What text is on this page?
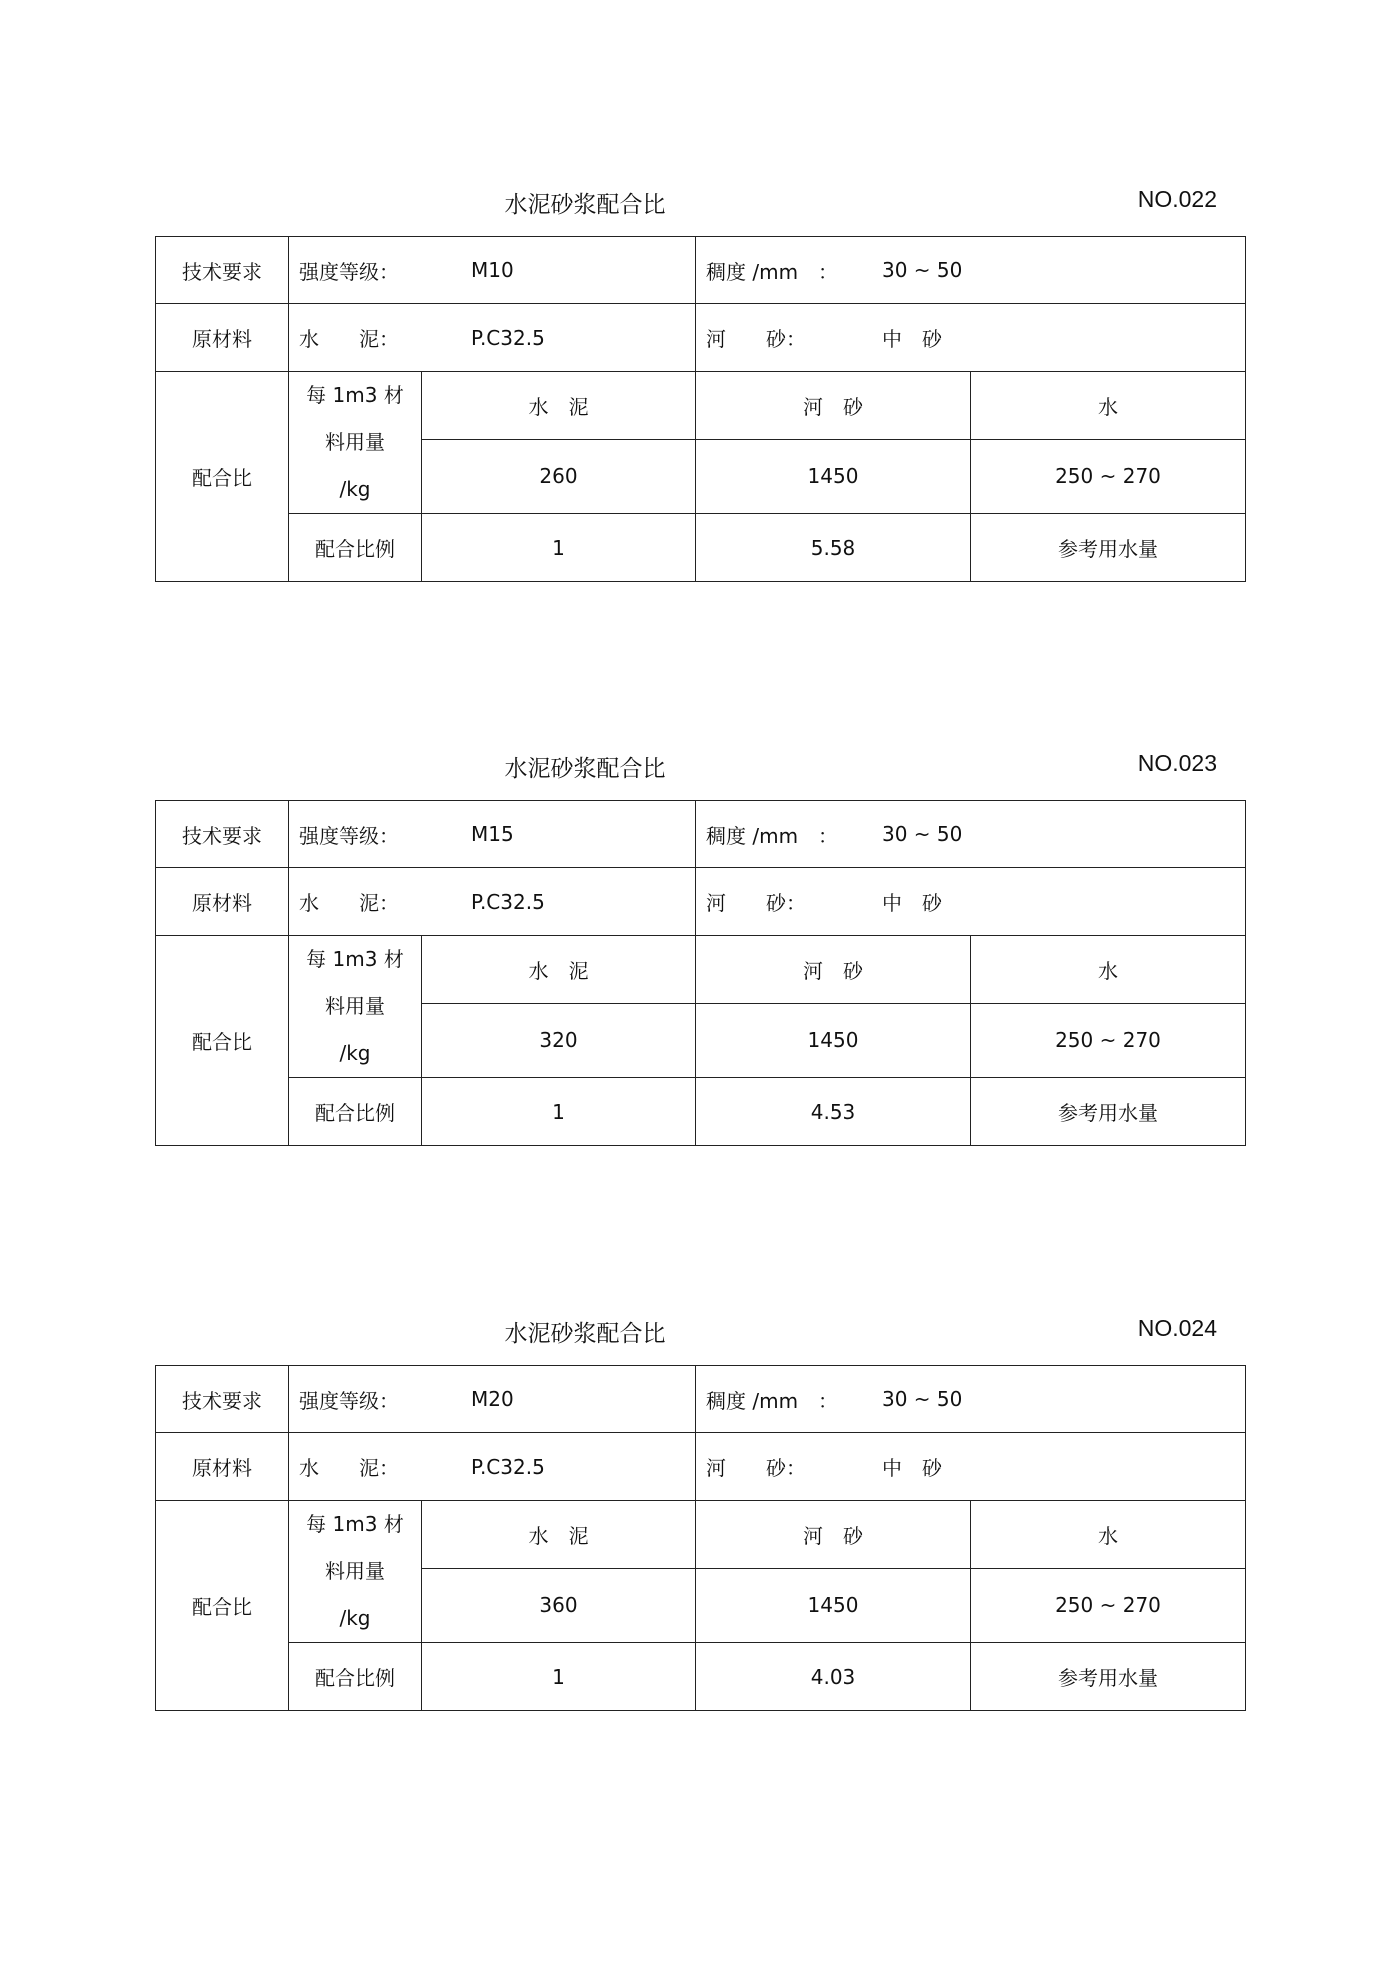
水泥砂浆配合比	NO.022
技术要求	强度等级： M10		稠度 /mm　： 30 ~ 50	

原材料	水　　泥： P.C32.5		河　　砂： 中　砂	

配合比	每 1m3 材
料用量
/kg	水　泥	河　砂	水
		260	1450	250 ~ 270
	配合比例	1	5.58	参考用水量
水泥砂浆配合比	NO.023
技术要求	强度等级： M15		稠度 /mm　： 30 ~ 50	

原材料	水　　泥： P.C32.5		河　　砂： 中　砂	

配合比	每 1m3 材
料用量
/kg	水　泥	河　砂	水
		320	1450	250 ~ 270
	配合比例	1	4.53	参考用水量
水泥砂浆配合比	NO.024
技术要求	强度等级： M20		稠度 /mm　： 30 ~ 50	

原材料	水　　泥： P.C32.5		河　　砂： 中　砂	

配合比	每 1m3 材
料用量
/kg	水　泥	河　砂	水
		360	1450	250 ~ 270
	配合比例	1	4.03	参考用水量
